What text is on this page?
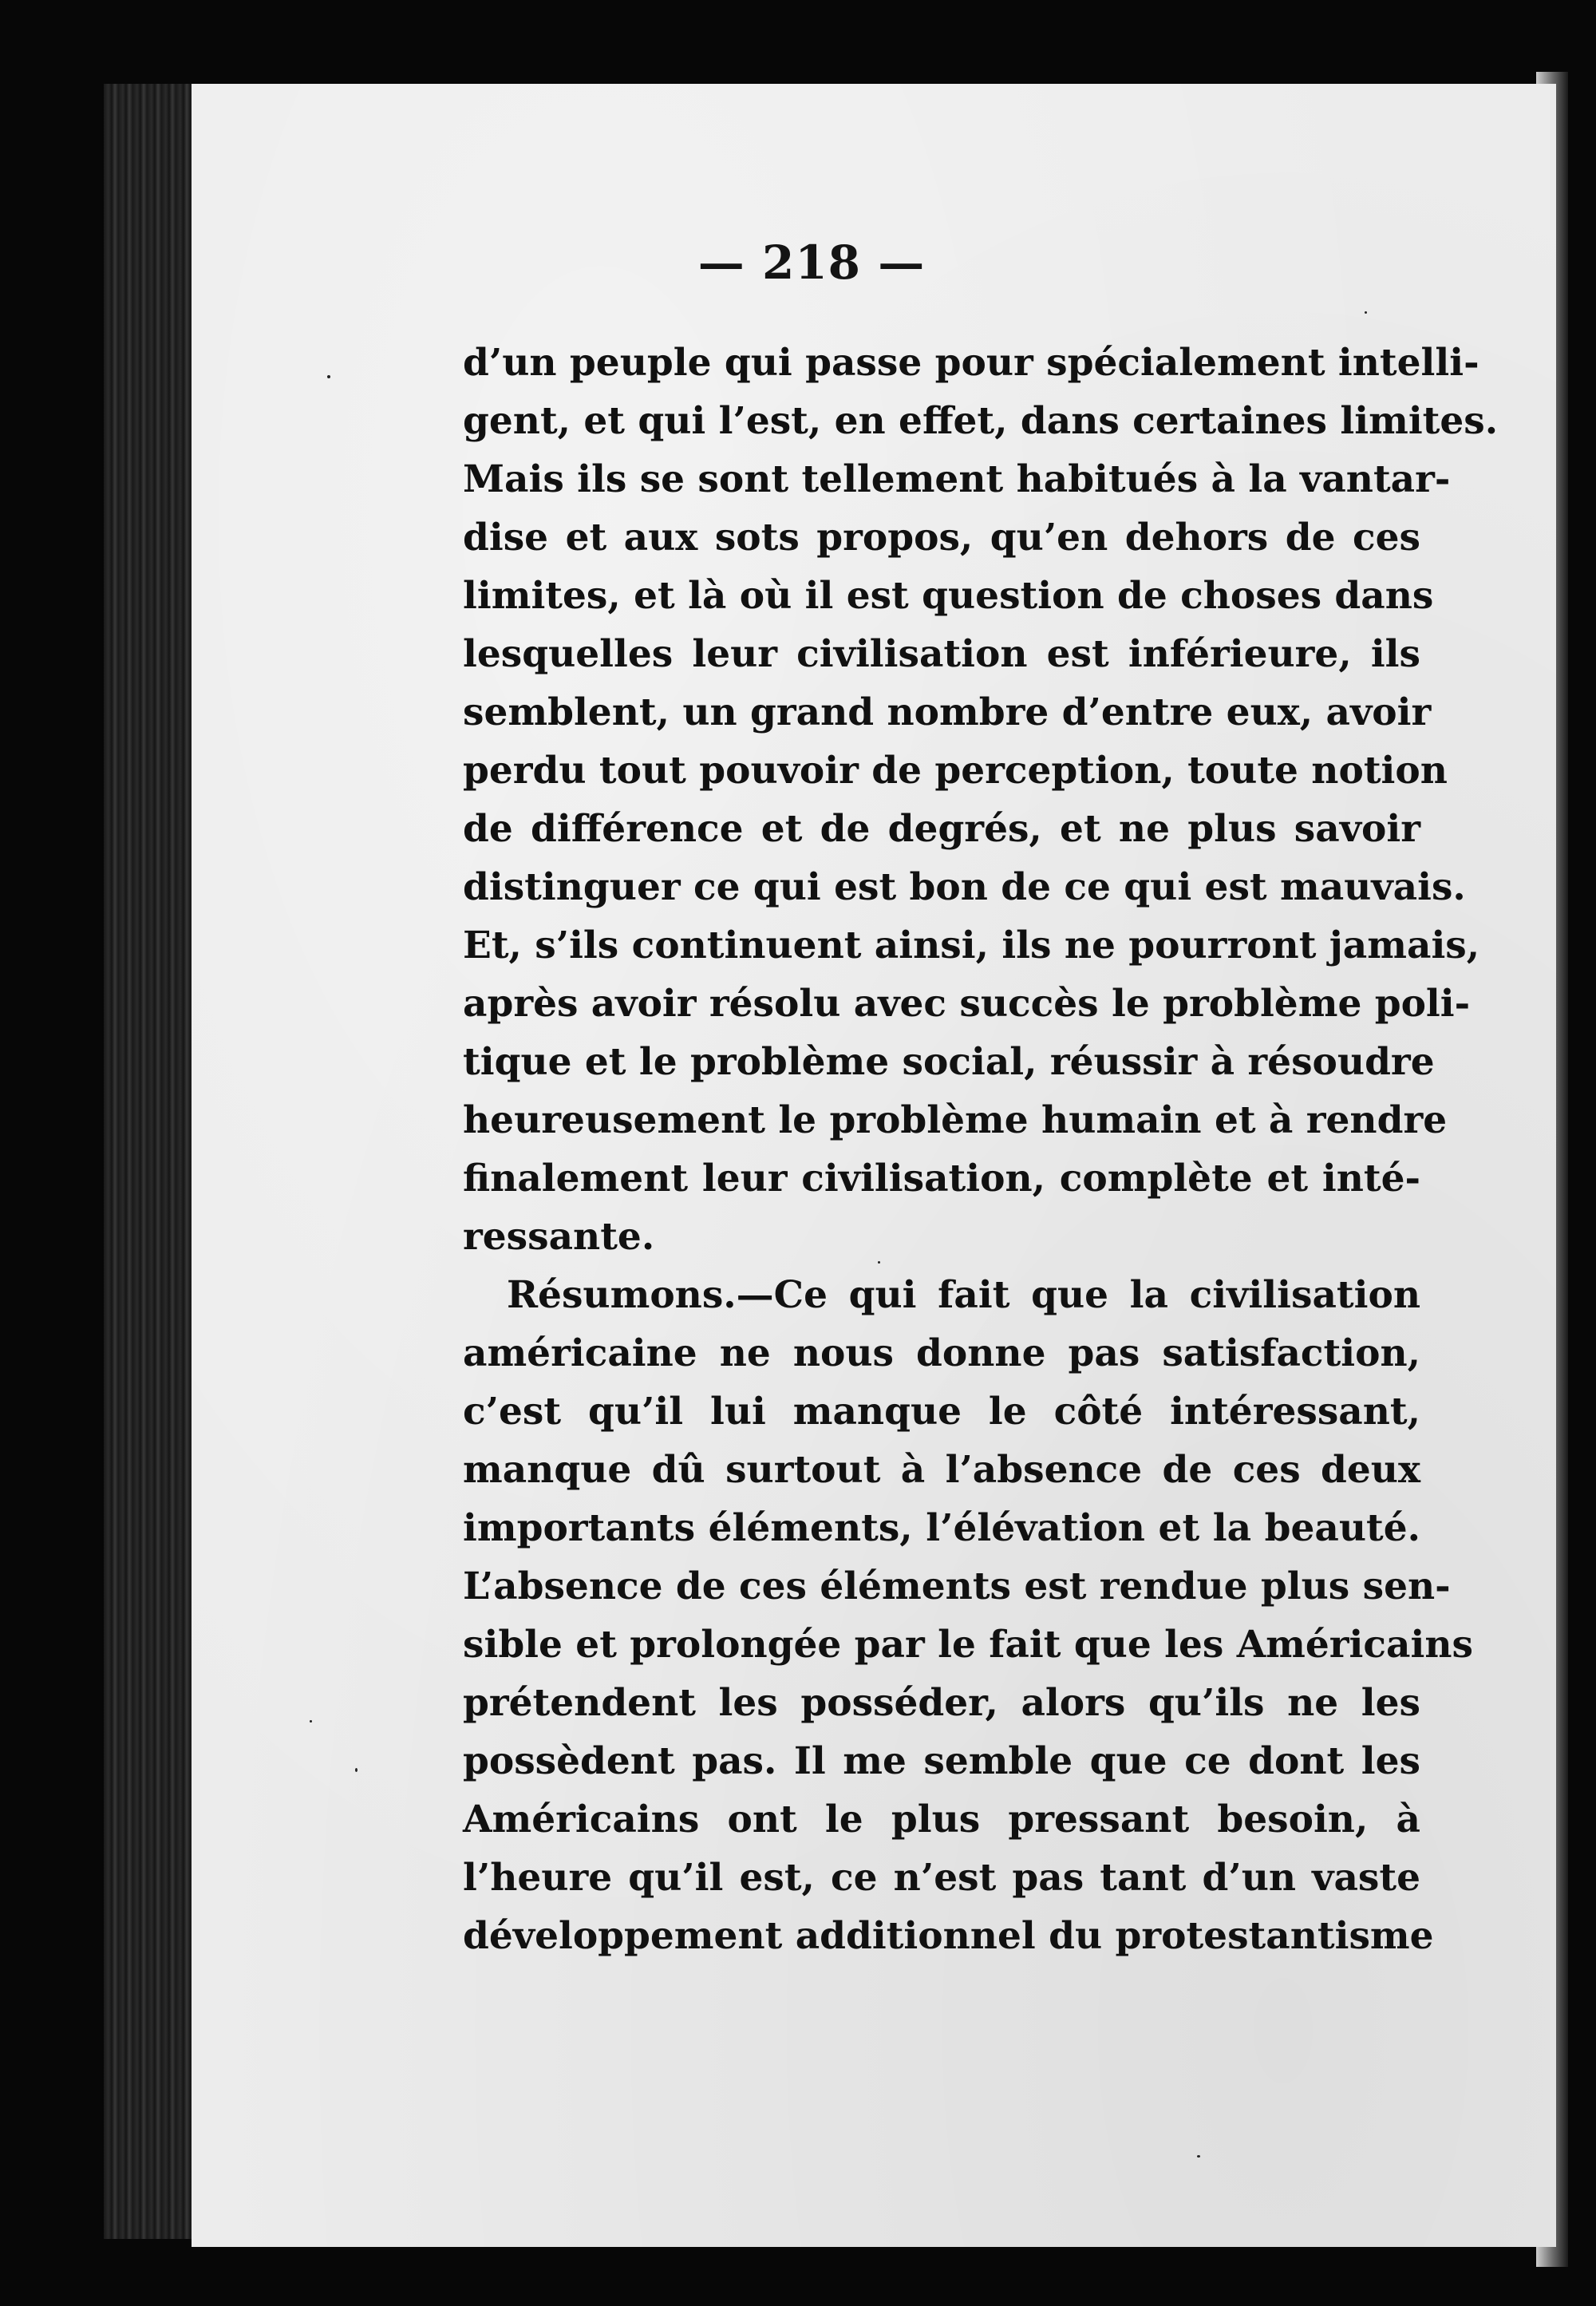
— 218 —
d’un peuple qui passe pour spécialement intelli-
gent, et qui l’est, en effet, dans certaines limites.
Mais ils se sont tellement habitués à la vantar-
dise et aux sots propos, qu’en dehors de ces
limites, et là où il est question de choses dans
lesquelles leur civilisation est inférieure, ils
semblent, un grand nombre d’entre eux, avoir
perdu tout pouvoir de perception, toute notion
de différence et de degrés, et ne plus savoir
distinguer ce qui est bon de ce qui est mauvais.
Et, s’ils continuent ainsi, ils ne pourront jamais,
après avoir résolu avec succès le problème poli-
tique et le problème social, réussir à résoudre
heureusement le problème humain et à rendre
finalement leur civilisation, complète et inté-
ressante.
Résumons.—Ce qui fait que la civilisation
américaine ne nous donne pas satisfaction,
c’est qu’il lui manque le côté intéressant,
manque dû surtout à l’absence de ces deux
importants éléments, l’élévation et la beauté.
L’absence de ces éléments est rendue plus sen-
sible et prolongée par le fait que les Américains
prétendent les posséder, alors qu’ils ne les
possèdent pas. Il me semble que ce dont les
Américains ont le plus pressant besoin, à
l’heure qu’il est, ce n’est pas tant d’un vaste
développement additionnel du protestantisme
